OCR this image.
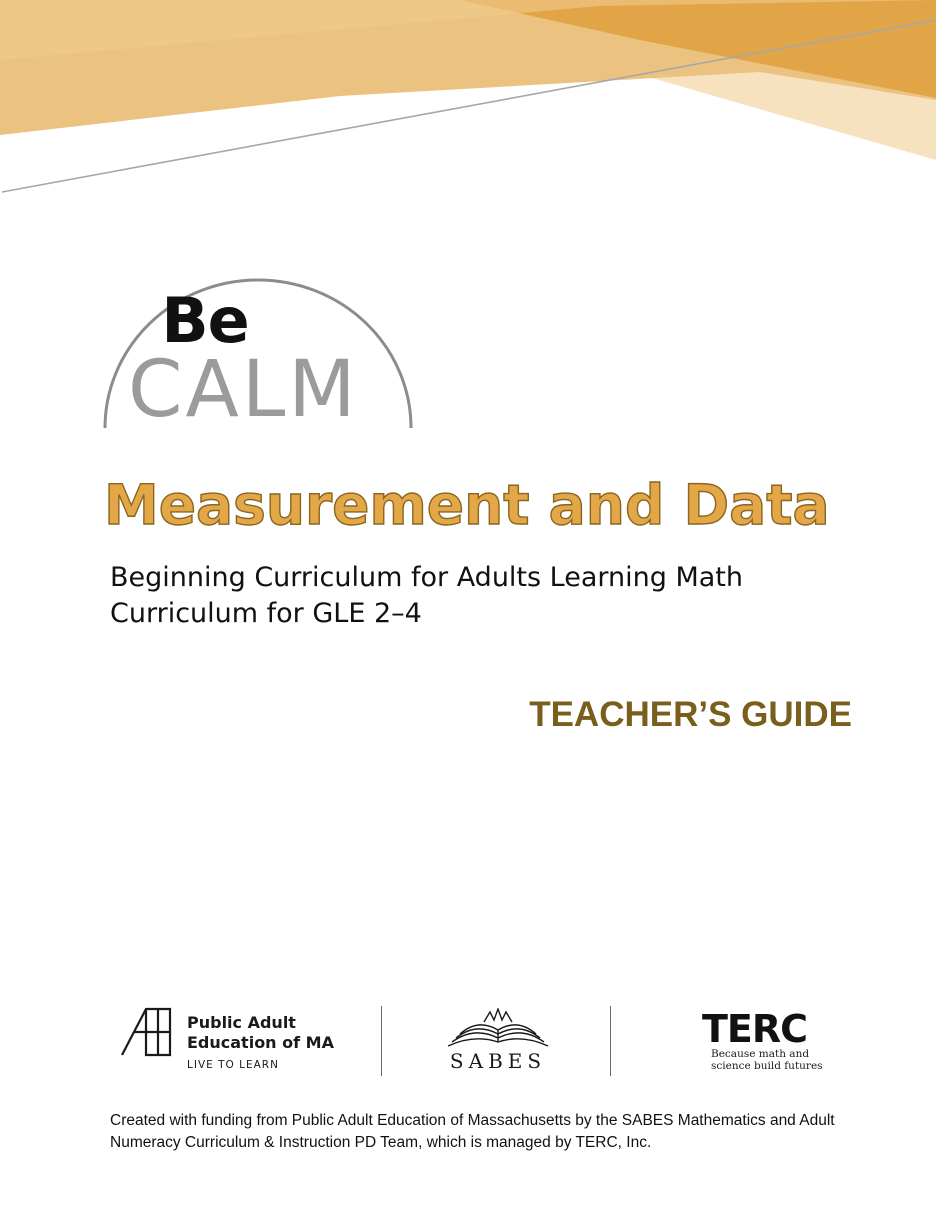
Be
CALM
Measurement and Data
Beginning Curriculum for Adults Learning Math
Curriculum for GLE 2–4
TEACHER’S GUIDE
Public Adult
Education of MA
LIVE TO LEARN	SABES
TERC
Because math and
science build futures
Created with funding from Public Adult Education of Massachusetts by the SABES Mathematics and Adult
Numeracy Curriculum & Instruction PD Team, which is managed by TERC, Inc.
